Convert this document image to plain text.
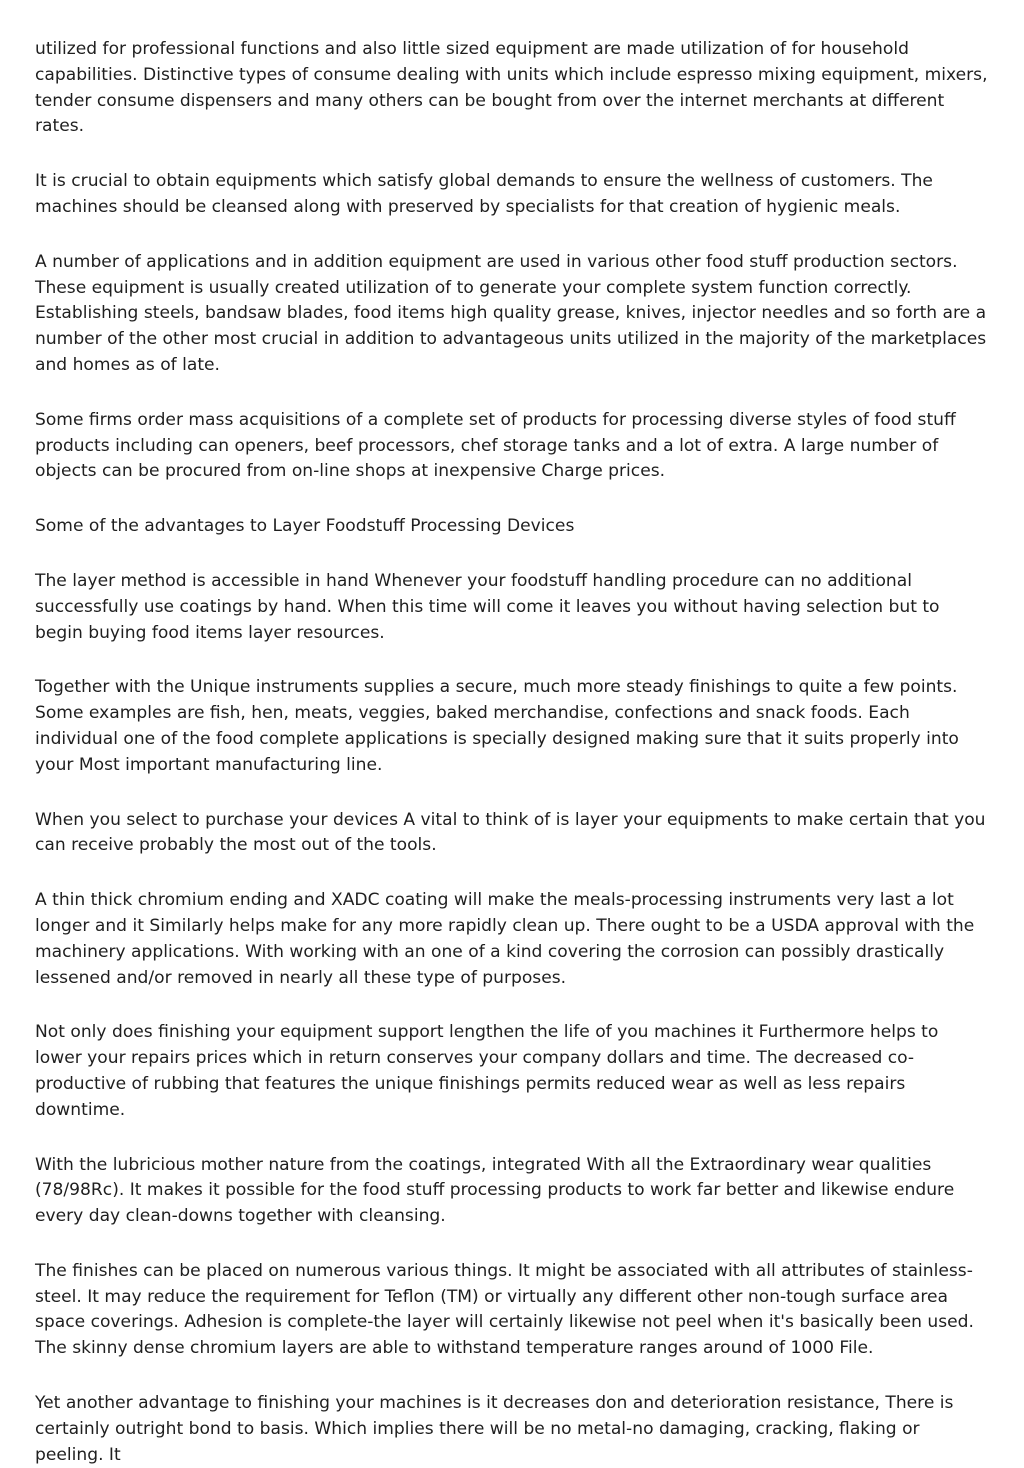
utilized for professional functions and also little sized equipment are made utilization of for household capabilities. Distinctive types of consume dealing with units which include espresso mixing equipment, mixers, tender consume dispensers and many others can be bought from over the internet merchants at different rates.

It is crucial to obtain equipments which satisfy global demands to ensure the wellness of customers. The machines should be cleansed along with preserved by specialists for that creation of hygienic meals.

A number of applications and in addition equipment are used in various other food stuff production sectors. These equipment is usually created utilization of to generate your complete system function correctly. Establishing steels, bandsaw blades, food items high quality grease, knives, injector needles and so forth are a number of the other most crucial in addition to advantageous units utilized in the majority of the marketplaces and homes as of late.

Some firms order mass acquisitions of a complete set of products for processing diverse styles of food stuff products including can openers, beef processors, chef storage tanks and a lot of extra. A large number of objects can be procured from on-line shops at inexpensive Charge prices.

Some of the advantages to Layer Foodstuff Processing Devices

The layer method is accessible in hand Whenever your foodstuff handling procedure can no additional successfully use coatings by hand. When this time will come it leaves you without having selection but to begin buying food items layer resources.

Together with the Unique instruments supplies a secure, much more steady finishings to quite a few points. Some examples are fish, hen, meats, veggies, baked merchandise, confections and snack foods. Each individual one of the food complete applications is specially designed making sure that it suits properly into your Most important manufacturing line.

When you select to purchase your devices A vital to think of is layer your equipments to make certain that you can receive probably the most out of the tools.

A thin thick chromium ending and XADC coating will make the meals-processing instruments very last a lot longer and it Similarly helps make for any more rapidly clean up. There ought to be a USDA approval with the machinery applications. With working with an one of a kind covering the corrosion can possibly drastically lessened and/or removed in nearly all these type of purposes.

Not only does finishing your equipment support lengthen the life of you machines it Furthermore helps to lower your repairs prices which in return conserves your company dollars and time. The decreased co-productive of rubbing that features the unique finishings permits reduced wear as well as less repairs downtime.

With the lubricious mother nature from the coatings, integrated With all the Extraordinary wear qualities (78/98Rc). It makes it possible for the food stuff processing products to work far better and likewise endure every day clean-downs together with cleansing.

The finishes can be placed on numerous various things. It might be associated with all attributes of stainless-steel. It may reduce the requirement for Teflon (TM) or virtually any different other non-tough surface area space coverings. Adhesion is complete-the layer will certainly likewise not peel when it's basically been used. The skinny dense chromium layers are able to withstand temperature ranges around of 1000 File.

Yet another advantage to finishing your machines is it decreases don and deterioration resistance, There is certainly outright bond to basis. Which implies there will be no metal-no damaging, cracking, flaking or peeling. It
